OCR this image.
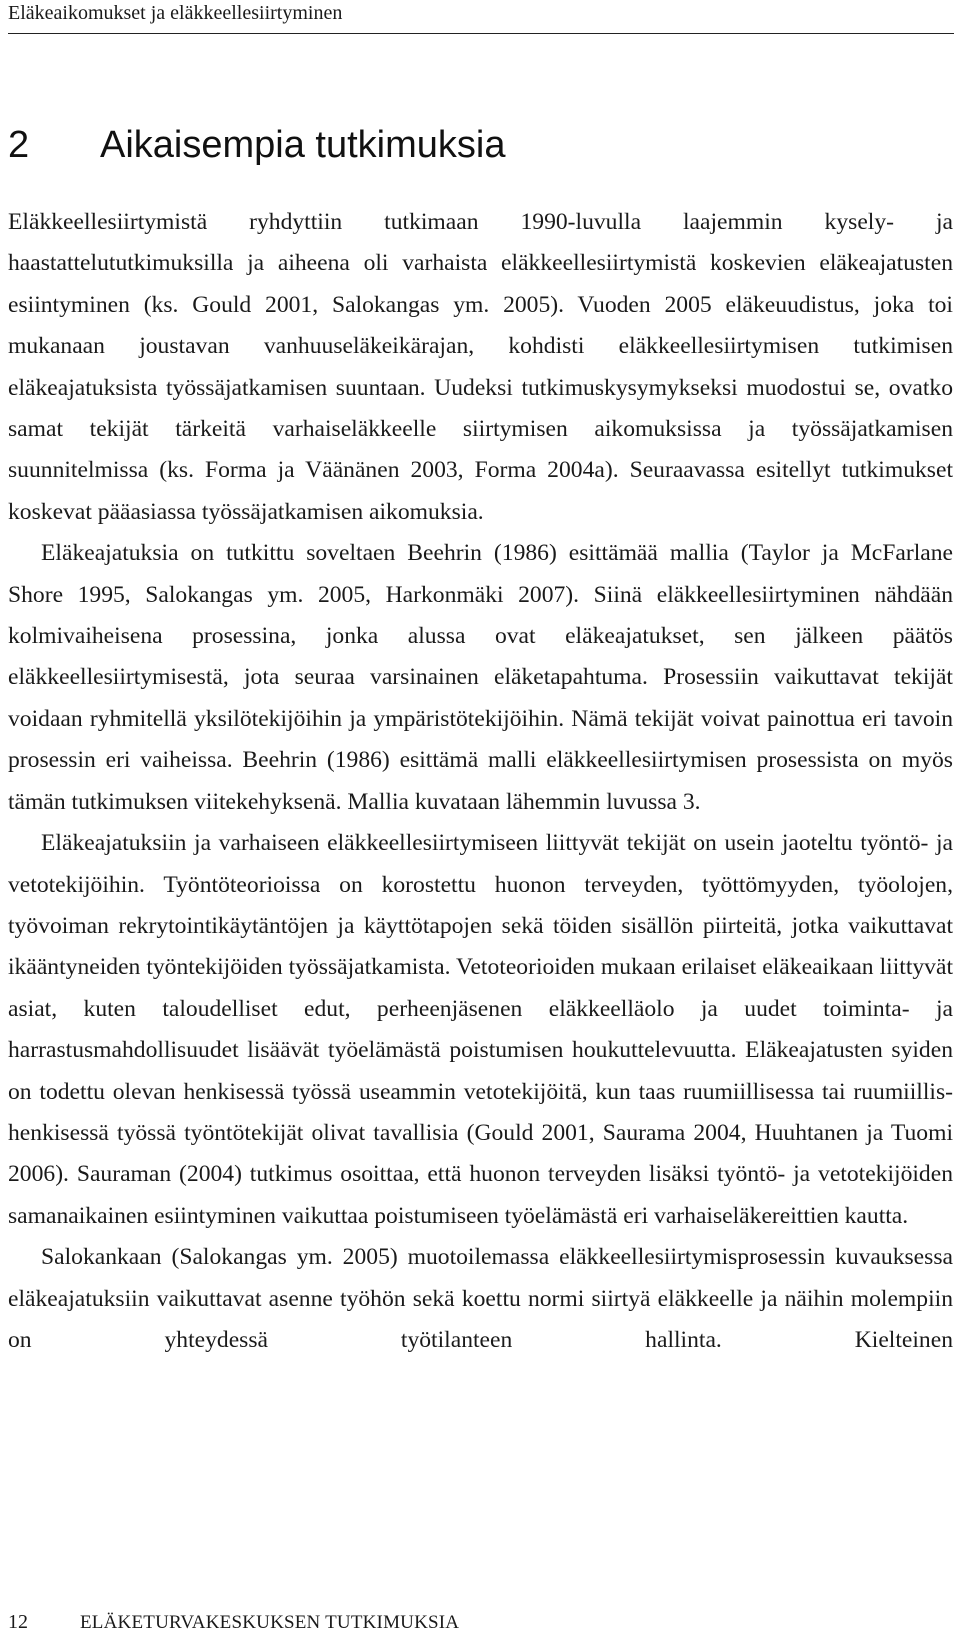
Eläkeaikomukset ja eläkkeellesiirtyminen
2 Aikaisempia tutkimuksia

Eläkkeellesiirtymistä ryhdyttiin tutkimaan 1990-luvulla laajemmin kysely- ja haastattelututkimuksilla ja aiheena oli varhaista eläkkeellesiirtymistä koskevien eläkeajatusten esiintyminen (ks. Gould 2001, Salokangas ym. 2005). Vuoden 2005 eläkeuudistus, joka toi mukanaan joustavan vanhuuseläkeikärajan, kohdisti eläkkeellesiirtymisen tutkimisen eläkeajatuksista työssäjatkamisen suuntaan. Uudeksi tutkimuskysymykseksi muodostui se, ovatko samat tekijät tärkeitä varhaiseläkkeelle siirtymisen aikomuksissa ja työssäjatkamisen suunnitelmissa (ks. Forma ja Väänänen 2003, Forma 2004a). Seuraavassa esitellyt tutkimukset koskevat pääasiassa työssäjatkamisen aikomuksia.

Eläkeajatuksia on tutkittu soveltaen Beehrin (1986) esittämää mallia (Taylor ja McFarlane Shore 1995, Salokangas ym. 2005, Harkonmäki 2007). Siinä eläkkeellesiirtyminen nähdään kolmivaiheisena prosessina, jonka alussa ovat eläkeajatukset, sen jälkeen päätös eläkkeellesiirtymisestä, jota seuraa varsinainen eläketapahtuma. Prosessiin vaikuttavat tekijät voidaan ryhmitellä yksilötekijöihin ja ympäristötekijöihin. Nämä tekijät voivat painottua eri tavoin prosessin eri vaiheissa. Beehrin (1986) esittämä malli eläkkeellesiirtymisen prosessista on myös tämän tutkimuksen viitekehyksenä. Mallia kuvataan lähemmin luvussa 3.

Eläkeajatuksiin ja varhaiseen eläkkeellesiirtymiseen liittyvät tekijät on usein jaoteltu työntö- ja vetotekijöihin. Työntöteorioissa on korostettu huonon terveyden, työttömyyden, työolojen, työvoiman rekrytointikäytäntöjen ja käyttötapojen sekä töiden sisällön piirteitä, jotka vaikuttavat ikääntyneiden työntekijöiden työssäjatkamista. Vetoteorioiden mukaan erilaiset eläkeaikaan liittyvät asiat, kuten taloudelliset edut, perheenjäsenen eläkkeelläolo ja uudet toiminta- ja harrastusmahdollisuudet lisäävät työelämästä poistumisen houkuttelevuutta. Eläkeajatusten syiden on todettu olevan henkisessä työssä useammin vetotekijöitä, kun taas ruumiillisessa tai ruumiillis-henkisessä työssä työntötekijät olivat tavallisia (Gould 2001, Saurama 2004, Huuhtanen ja Tuomi 2006). Sauraman (2004) tutkimus osoittaa, että huonon terveyden lisäksi työntö- ja vetotekijöiden samanaikainen esiintyminen vaikuttaa poistumiseen työelämästä eri varhaiseläkereittien kautta.

Salokankaan (Salokangas ym. 2005) muotoilemassa eläkkeellesiirtymisprosessin kuvauksessa eläkeajatuksiin vaikuttavat asenne työhön sekä koettu normi siirtyä eläkkeelle ja näihin molempiin on yhteydessä työtilanteen hallinta. Kielteinen

12	ELÄKETURVAKESKUKSEN TUTKIMUKSIA
